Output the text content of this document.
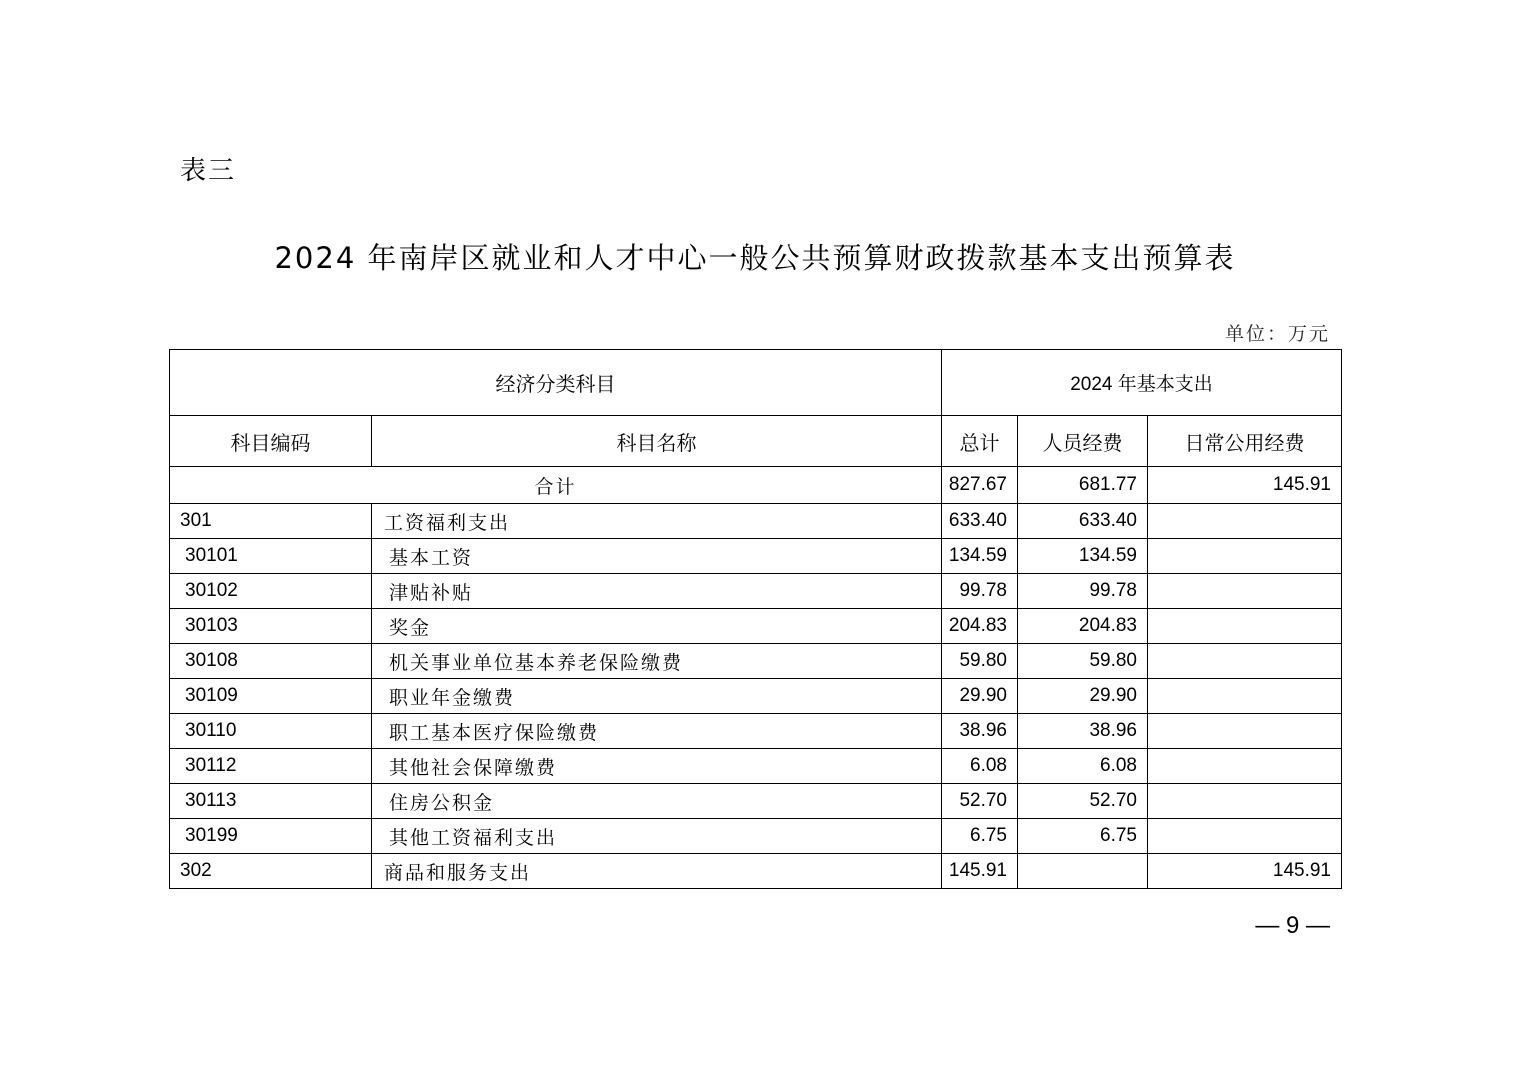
表三
2024 年南岸区就业和人才中心一般公共预算财政拨款基本支出预算表
单位：万元
经济分类科目		2024 年基本支出		
科目编码	科目名称	总计	人员经费	日常公用经费
合计		827.67	681.77	145.91
301	工资福利支出	633.40	633.40	
30101	基本工资	134.59	134.59	
30102	津贴补贴	99.78	99.78	
30103	奖金	204.83	204.83	
30108	机关事业单位基本养老保险缴费	59.80	59.80	
30109	职业年金缴费	29.90	29.90	
30110	职工基本医疗保险缴费	38.96	38.96	
30112	其他社会保障缴费	6.08	6.08	
30113	住房公积金	52.70	52.70	
30199	其他工资福利支出	6.75	6.75	
302	商品和服务支出	145.91		145.91
— 9 —
